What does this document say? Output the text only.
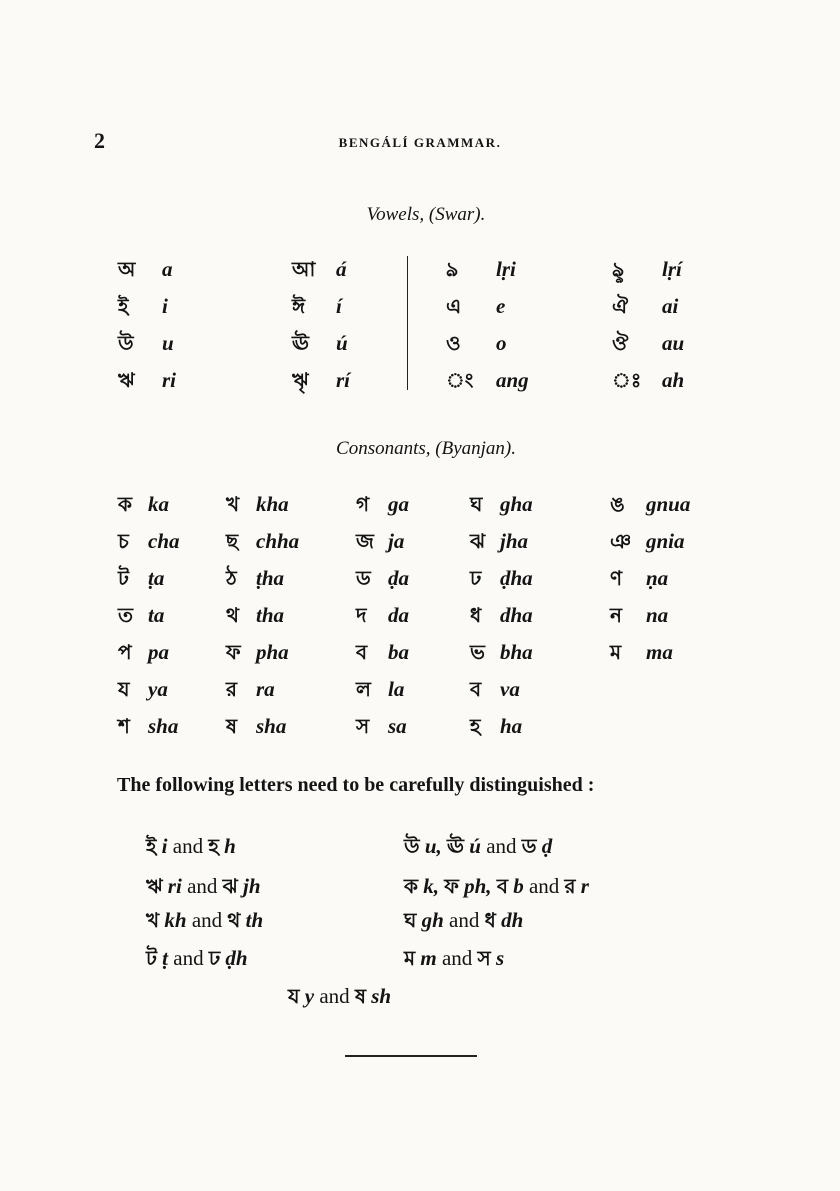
2	BENGÁLÍ GRAMMAR.
Vowels, (Swar).
অ a	আ á	ঌ lṛi	ৡ lṛí
ই i	ঈ í	এ e	ঐ ai
উ u	ঊ ú	ও o	ঔ au
ঋ ri	ৠ rí	ং ang	ঃ ah
Consonants, (Byanjan).
ক ka	খ kha	গ ga	ঘ gha	ঙ gnua
চ cha ছ chha	জ ja	ঝ jha	ঞ gnia
ট ṭa	ঠ ṭha	ড ḍa	ঢ ḍha	ণ ṇa
ত ta	থ tha	দ da	ধ dha	ন na
প pa	ফ pha	ব ba	ভ bha	ম ma
য ya	র ra	ল la	ব va
শ sha ষ sha	স sa	হ ha
The following letters need to be carefully distinguished :
ই i and হ h
ঋ ri and ঝ jh
খ kh and থ th
ট ṭ and ঢ ḍh
উ u, ঊ ú and ড ḍ
ক k, ফ ph, ব b and র r
ঘ gh and ধ dh
ম m and স s
য y and ষ sh
